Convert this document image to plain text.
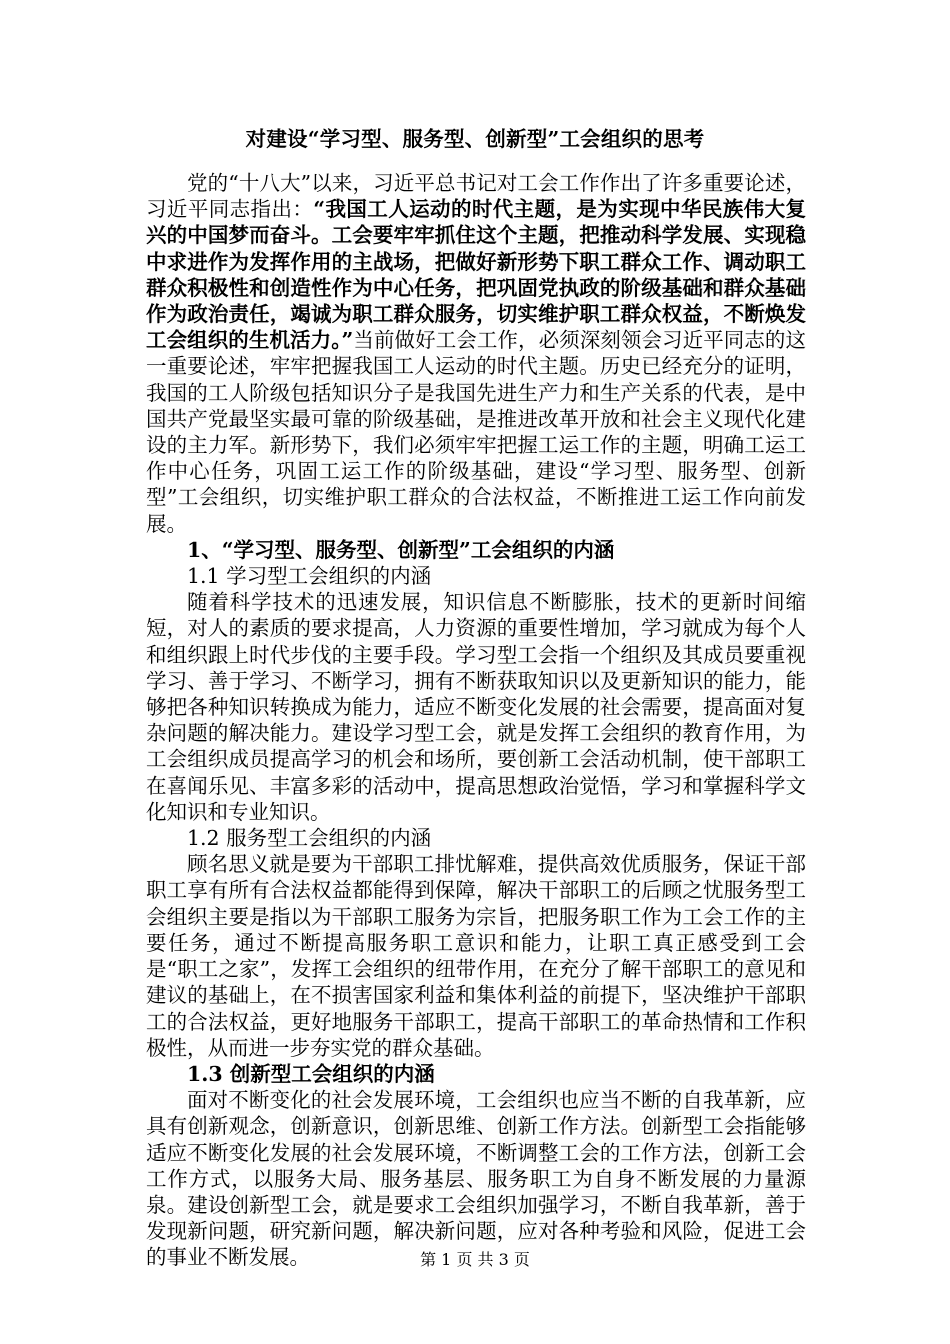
对建设“学习型、服务型、创新型”工会组织的思考

党的“十八大”以来，习近平总书记对工会工作作出了许多重要论述，习近平同志指出：“我国工人运动的时代主题，是为实现中华民族伟大复兴的中国梦而奋斗。工会要牢牢抓住这个主题，把推动科学发展、实现稳中求进作为发挥作用的主战场，把做好新形势下职工群众工作、调动职工群众积极性和创造性作为中心任务，把巩固党执政的阶级基础和群众基础作为政治责任，竭诚为职工群众服务，切实维护职工群众权益，不断焕发工会组织的生机活力。”当前做好工会工作，必须深刻领会习近平同志的这一重要论述，牢牢把握我国工人运动的时代主题。历史已经充分的证明，我国的工人阶级包括知识分子是我国先进生产力和生产关系的代表，是中国共产党最坚实最可靠的阶级基础，是推进改革开放和社会主义现代化建设的主力军。新形势下，我们必须牢牢把握工运工作的主题，明确工运工作中心任务，巩固工运工作的阶级基础，建设“学习型、服务型、创新型”工会组织，切实维护职工群众的合法权益，不断推进工运工作向前发展。

1、“学习型、服务型、创新型”工会组织的内涵

1.1 学习型工会组织的内涵

随着科学技术的迅速发展，知识信息不断膨胀，技术的更新时间缩短，对人的素质的要求提高，人力资源的重要性增加，学习就成为每个人和组织跟上时代步伐的主要手段。学习型工会指一个组织及其成员要重视学习、善于学习、不断学习，拥有不断获取知识以及更新知识的能力，能够把各种知识转换成为能力，适应不断变化发展的社会需要，提高面对复杂问题的解决能力。建设学习型工会，就是发挥工会组织的教育作用，为工会组织成员提高学习的机会和场所，要创新工会活动机制，使干部职工在喜闻乐见、丰富多彩的活动中，提高思想政治觉悟，学习和掌握科学文化知识和专业知识。

1.2 服务型工会组织的内涵

顾名思义就是要为干部职工排忧解难，提供高效优质服务，保证干部职工享有所有合法权益都能得到保障，解决干部职工的后顾之忧服务型工会组织主要是指以为干部职工服务为宗旨，把服务职工作为工会工作的主要任务，通过不断提高服务职工意识和能力，让职工真正感受到工会是“职工之家”，发挥工会组织的纽带作用，在充分了解干部职工的意见和建议的基础上，在不损害国家利益和集体利益的前提下，坚决维护干部职工的合法权益，更好地服务干部职工，提高干部职工的革命热情和工作积极性，从而进一步夯实党的群众基础。

1.3 创新型工会组织的内涵

面对不断变化的社会发展环境，工会组织也应当不断的自我革新，应具有创新观念，创新意识，创新思维、创新工作方法。创新型工会指能够适应不断变化发展的社会发展环境，不断调整工会的工作方法，创新工会工作方式，以服务大局、服务基层、服务职工为自身不断发展的力量源泉。建设创新型工会，就是要求工会组织加强学习，不断自我革新，善于发现新问题，研究新问题，解决新问题，应对各种考验和风险，促进工会的事业不断发展。	第 1 页 共 3 页
